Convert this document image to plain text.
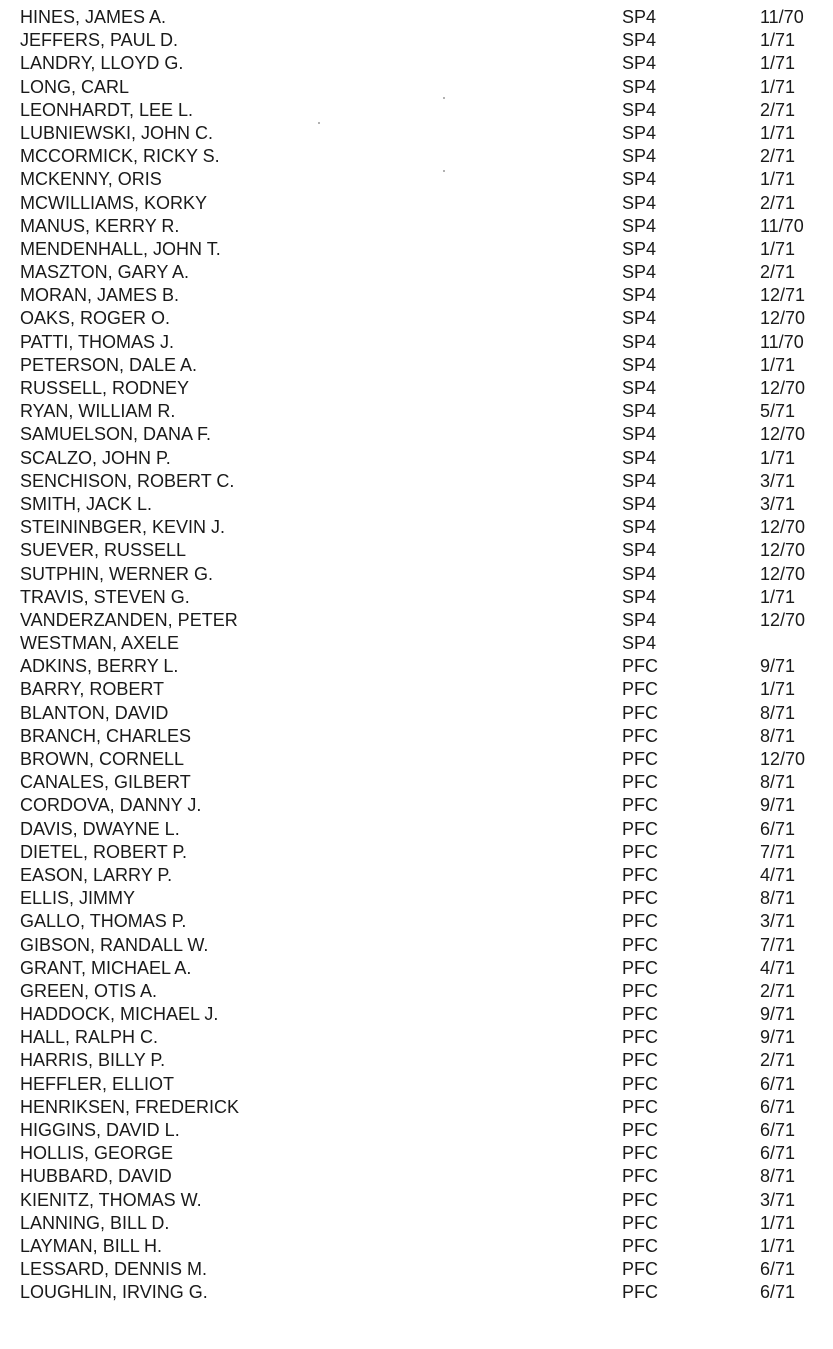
HINES, JAMES A.	SP4	11/70
JEFFERS, PAUL D.	SP4	1/71
LANDRY, LLOYD G.	SP4	1/71
LONG, CARL	SP4	1/71
LEONHARDT, LEE L.	SP4	2/71
LUBNIEWSKI, JOHN C.	SP4	1/71
MCCORMICK, RICKY S.	SP4	2/71
MCKENNY, ORIS	SP4	1/71
MCWILLIAMS, KORKY	SP4	2/71
MANUS, KERRY R.	SP4	11/70
MENDENHALL, JOHN T.	SP4	1/71
MASZTON, GARY A.	SP4	2/71
MORAN, JAMES B.	SP4	12/71
OAKS, ROGER O.	SP4	12/70
PATTI, THOMAS J.	SP4	11/70
PETERSON, DALE A.	SP4	1/71
RUSSELL, RODNEY	SP4	12/70
RYAN, WILLIAM R.	SP4	5/71
SAMUELSON, DANA F.	SP4	12/70
SCALZO, JOHN P.	SP4	1/71
SENCHISON, ROBERT C.	SP4	3/71
SMITH, JACK L.	SP4	3/71
STEININBGER, KEVIN J.	SP4	12/70
SUEVER, RUSSELL	SP4	12/70
SUTPHIN, WERNER G.	SP4	12/70
TRAVIS, STEVEN G.	SP4	1/71
VANDERZANDEN, PETER	SP4	12/70
WESTMAN, AXELE	SP4
ADKINS, BERRY L.	PFC	9/71
BARRY, ROBERT	PFC	1/71
BLANTON, DAVID	PFC	8/71
BRANCH, CHARLES	PFC	8/71
BROWN, CORNELL	PFC	12/70
CANALES, GILBERT	PFC	8/71
CORDOVA, DANNY J.	PFC	9/71
DAVIS, DWAYNE L.	PFC	6/71
DIETEL, ROBERT P.	PFC	7/71
EASON, LARRY P.	PFC	4/71
ELLIS, JIMMY	PFC	8/71
GALLO, THOMAS P.	PFC	3/71
GIBSON, RANDALL W.	PFC	7/71
GRANT, MICHAEL A.	PFC	4/71
GREEN, OTIS A.	PFC	2/71
HADDOCK, MICHAEL J.	PFC	9/71
HALL, RALPH C.	PFC	9/71
HARRIS, BILLY P.	PFC	2/71
HEFFLER, ELLIOT	PFC	6/71
HENRIKSEN, FREDERICK	PFC	6/71
HIGGINS, DAVID L.	PFC	6/71
HOLLIS, GEORGE	PFC	6/71
HUBBARD, DAVID	PFC	8/71
KIENITZ, THOMAS W.	PFC	3/71
LANNING, BILL D.	PFC	1/71
LAYMAN, BILL H.	PFC	1/71
LESSARD, DENNIS M.	PFC	6/71
LOUGHLIN, IRVING G.	PFC	6/71
